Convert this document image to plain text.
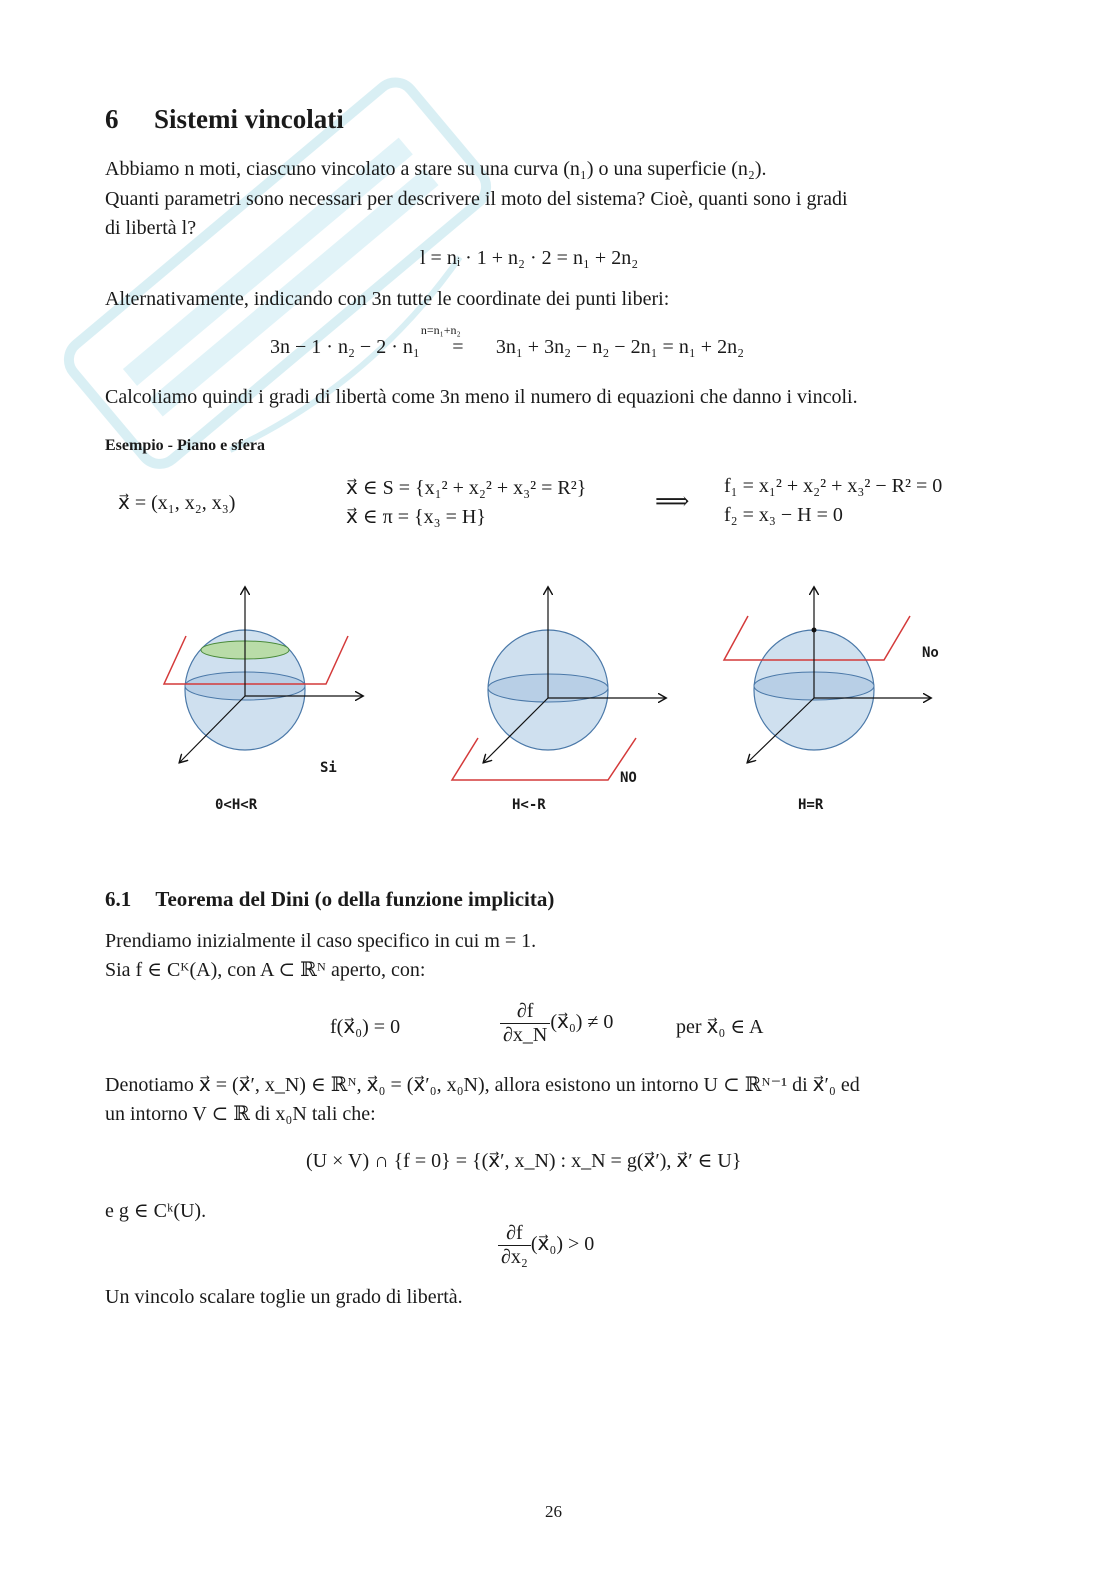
6 Sistemi vincolati
Abbiamo n moti, ciascuno vincolato a stare su una curva (n₁) o una superficie (n₂).
Quanti parametri sono necessari per descrivere il moto del sistema? Cioè, quanti sono i gradi
di libertà l?
l = nᵢ · 1 + n₂ · 2 = n₁ + 2n₂
Alternativamente, indicando con 3n tutte le coordinate dei punti liberi:
3n − 1 · n₂ − 2 · n₁
n=n₁+n₂
= 3n₁ + 3n₂ − n₂ − 2n₁ = n₁ + 2n₂
Calcoliamo quindi i gradi di libertà come 3n meno il numero di equazioni che danno i vincoli.
Esempio - Piano e sfera
x⃗ = (x₁, x₂, x₃)
x⃗ ∈ S = {x₁² + x₂² + x₃² = R²}
x⃗ ∈ π = {x₃ = H}
⟹
f₁ = x₁² + x₂² + x₃² − R² = 0
f₂ = x₃ − H = 0
Si
0<H<R
NO
H<-R
No
H=R
6.1 Teorema del Dini (o della funzione implicita)
Prendiamo inizialmente il caso specifico in cui m = 1.
Sia f ∈ Cᴷ(A), con A ⊂ ℝᴺ aperto, con:
f(x⃗₀) = 0	$\frac{\partial f}{\partial x\_N}$ (x⃗₀) ≠ 0	per x⃗₀ ∈ A
Denotiamo x⃗ = (x⃗′, x_N) ∈ ℝᴺ, x⃗₀ = (x⃗′₀, x₀N), allora esistono un intorno U ⊂ ℝᴺ⁻¹ di x⃗′₀ ed
un intorno V ⊂ ℝ di x₀N tali che:
(U × V) ∩ {f = 0} = {(x⃗′, x_N) : x_N = g(x⃗′), x⃗′ ∈ U}
e g ∈ Cᵏ(U).
$\frac{\partial f}{\text{∂x₂}}$ (x⃗₀) > 0
Un vincolo scalare toglie un grado di libertà.
26
